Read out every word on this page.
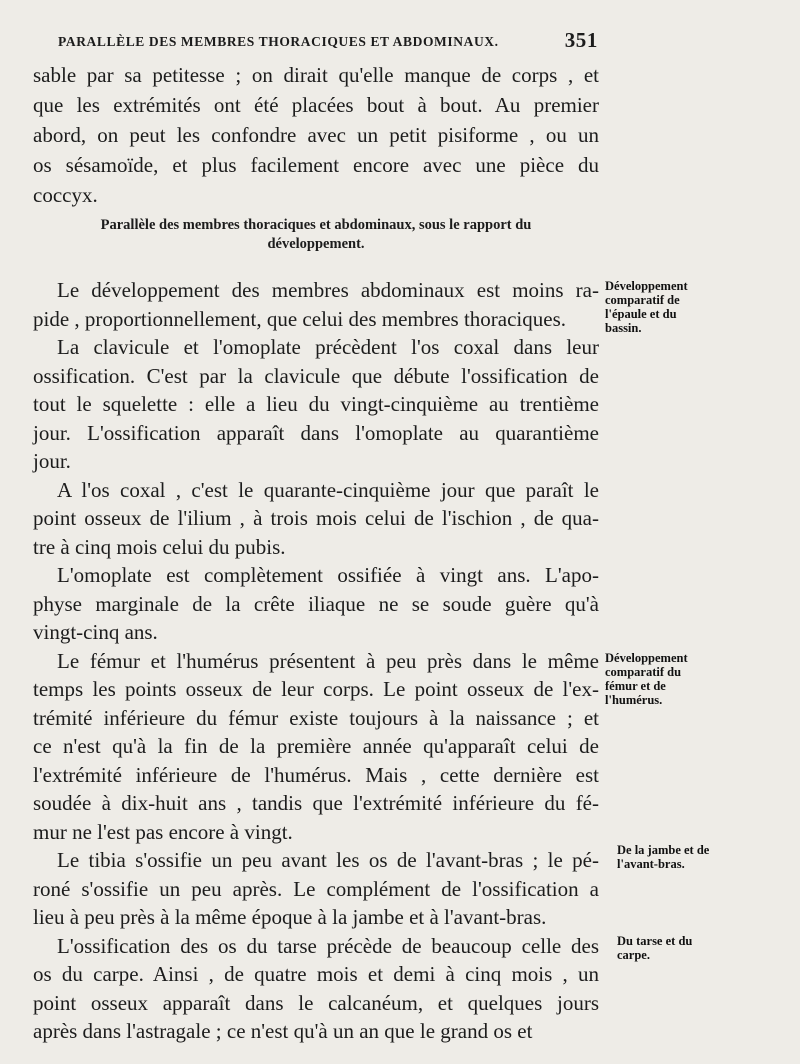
PARALLÈLE DES MEMBRES THORACIQUES ET ABDOMINAUX.	351
sable par sa petitesse ; on dirait qu'elle manque de corps , et
que les extrémités ont été placées bout à bout. Au premier
abord, on peut les confondre avec un petit pisiforme , ou un
os sésamoïde, et plus facilement encore avec une pièce du
coccyx.
Parallèle des membres thoraciques et abdominaux, sous le rapport du développement.
Le développement des membres abdominaux est moins ra-
pide , proportionnellement, que celui des membres thoraciques.
La clavicule et l'omoplate précèdent l'os coxal dans leur
ossification. C'est par la clavicule que débute l'ossification de
tout le squelette : elle a lieu du vingt-cinquième au trentième
jour. L'ossification apparaît dans l'omoplate au quarantième
jour.
A l'os coxal , c'est le quarante-cinquième jour que paraît le
point osseux de l'ilium , à trois mois celui de l'ischion , de qua-
tre à cinq mois celui du pubis.
L'omoplate est complètement ossifiée à vingt ans. L'apo-
physe marginale de la crête iliaque ne se soude guère qu'à
vingt-cinq ans.
Le fémur et l'humérus présentent à peu près dans le même
temps les points osseux de leur corps. Le point osseux de l'ex-
trémité inférieure du fémur existe toujours à la naissance ; et
ce n'est qu'à la fin de la première année qu'apparaît celui de
l'extrémité inférieure de l'humérus. Mais , cette dernière est
soudée à dix-huit ans , tandis que l'extrémité inférieure du fé-
mur ne l'est pas encore à vingt.
Le tibia s'ossifie un peu avant les os de l'avant-bras ; le pé-
roné s'ossifie un peu après. Le complément de l'ossification a
lieu à peu près à la même époque à la jambe et à l'avant-bras.
L'ossification des os du tarse précède de beaucoup celle des
os du carpe. Ainsi , de quatre mois et demi à cinq mois , un
point osseux apparaît dans le calcanéum, et quelques jours
après dans l'astragale ; ce n'est qu'à un an que le grand os et
Développement comparatif de l'épaule et du bassin.
Développement comparatif du fémur et de l'humérus.
De la jambe et de l'avant-bras.
Du tarse et du carpe.
